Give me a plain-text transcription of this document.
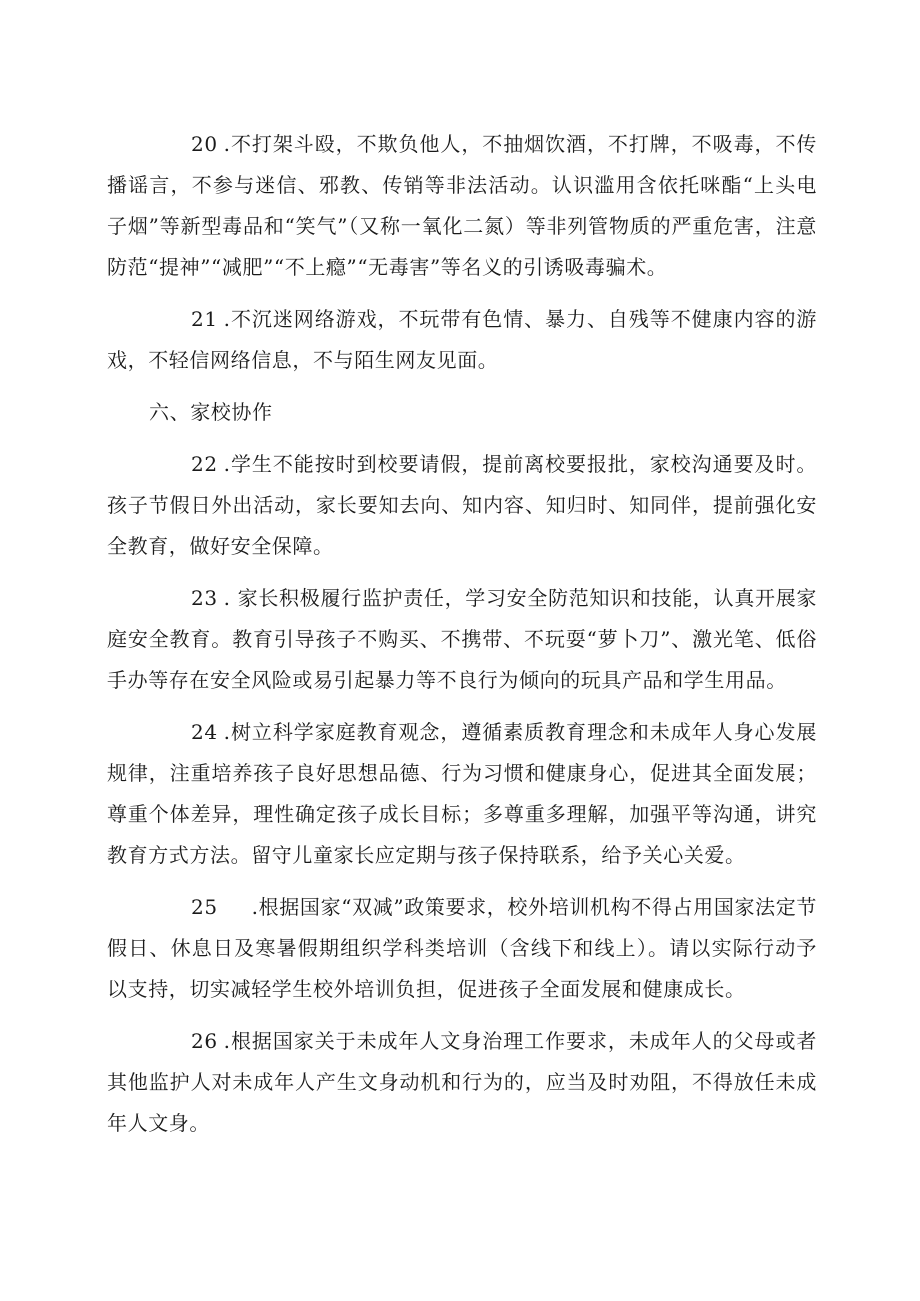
20 .不打架斗殴，不欺负他人，不抽烟饮酒，不打牌，不吸毒，不传播谣言，不参与迷信、邪教、传销等非法活动。认识滥用含依托咪酯“上头电子烟”等新型毒品和“笑气”（又称一氧化二氮）等非列管物质的严重危害，注意防范“提神”“减肥”“不上瘾”“无毒害”等名义的引诱吸毒骗术。

21 .不沉迷网络游戏，不玩带有色情、暴力、自残等不健康内容的游戏，不轻信网络信息，不与陌生网友见面。

六、家校协作

22 .学生不能按时到校要请假，提前离校要报批，家校沟通要及时。孩子节假日外出活动，家长要知去向、知内容、知归时、知同伴，提前强化安全教育，做好安全保障。

23 . 家长积极履行监护责任，学习安全防范知识和技能，认真开展家庭安全教育。教育引导孩子不购买、不携带、不玩耍“萝卜刀”、激光笔、低俗手办等存在安全风险或易引起暴力等不良行为倾向的玩具产品和学生用品。

24 .树立科学家庭教育观念，遵循素质教育理念和未成年人身心发展规律，注重培养孩子良好思想品德、行为习惯和健康身心，促进其全面发展；尊重个体差异，理性确定孩子成长目标；多尊重多理解，加强平等沟通，讲究教育方式方法。留守儿童家长应定期与孩子保持联系，给予关心关爱。

25 .根据国家“双减”政策要求，校外培训机构不得占用国家法定节假日、休息日及寒暑假期组织学科类培训（含线下和线上）。请以实际行动予以支持，切实减轻学生校外培训负担，促进孩子全面发展和健康成长。

26 .根据国家关于未成年人文身治理工作要求，未成年人的父母或者其他监护人对未成年人产生文身动机和行为的，应当及时劝阻，不得放任未成年人文身。
